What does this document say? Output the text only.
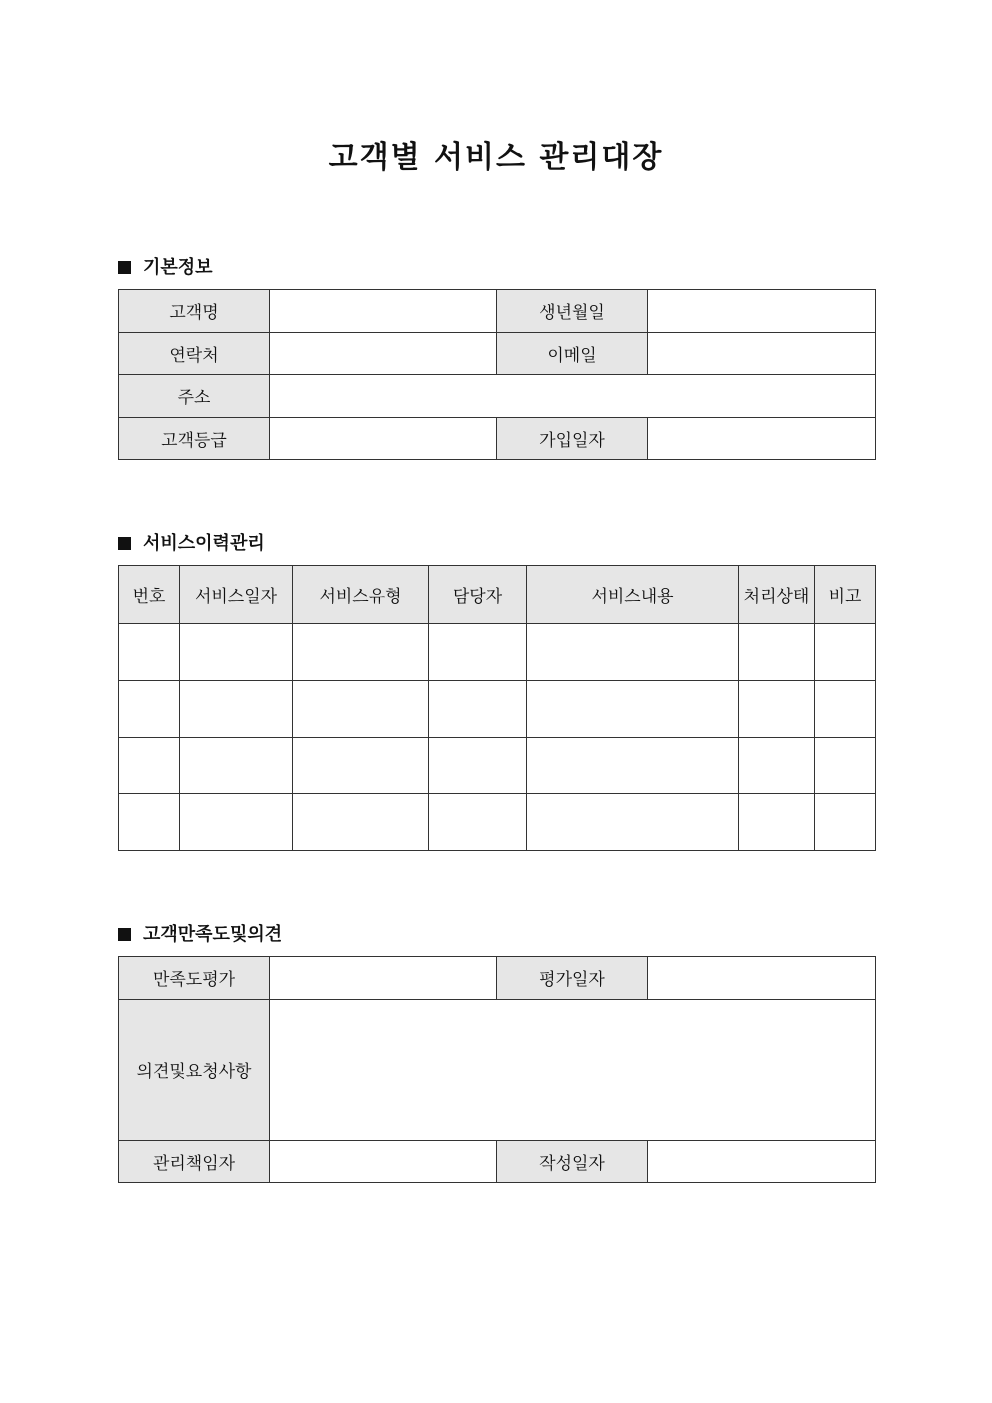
고객별 서비스 관리대장
기본정보
고객명		생년월일	
연락처		이메일	
주소			
고객등급		가입일자	
서비스이력관리
번호	서비스일자	서비스유형	담당자	서비스내용	처리상태	비고

고객만족도및의견
만족도평가		평가일자	
의견및요청사항			
관리책임자		작성일자	
